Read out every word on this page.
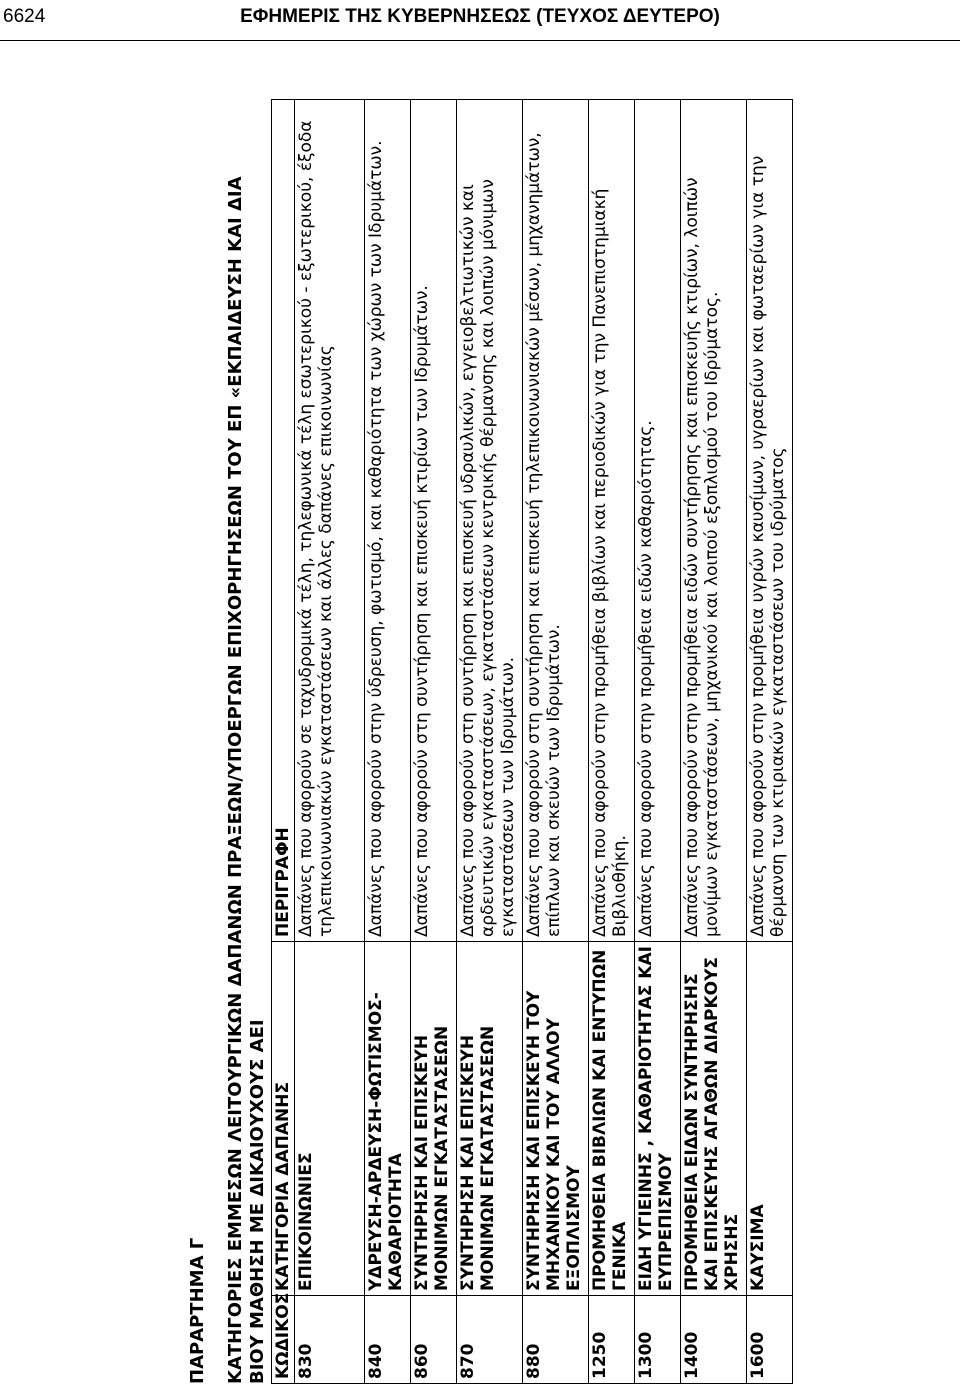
6624	ΕΦΗΜΕΡΙΣ ΤΗΣ ΚΥΒΕΡΝΗΣΕΩΣ (ΤΕΥΧΟΣ ΔΕΥΤΕΡΟ)
ΠΑΡΑΡΤΗΜΑ Γ ΚΑΤΗΓΟΡΙΕΣ ΕΜΜΕΣΩΝ ΛΕΙΤΟΥΡΓΙΚΩΝ ΔΑΠΑΝΩΝ ΠΡΑΞΕΩΝ/ΥΠΟΕΡΓΩΝ ΕΠΙΧΟΡΗΓΗΣΕΩΝ ΤΟΥ ΕΠ «ΕΚΠΑΙΔΕΥΣΗ ΚΑΙ ΔΙΑ ΒΙΟΥ ΜΑΘΗΣΗ ΜΕ ΔΙΚΑΙΟΥΧΟΥΣ ΑΕΙ ΚΩΔΙΚΟΣ	ΚΑΤΗΓΟΡΙΑ ΔΑΠΑΝΗΣ	ΠΕΡΙΓΡΑΦΗ
830	ΕΠΙΚΟΙΝΩΝΙΕΣ	Δαπάνες που αφορούν σε ταχυδρομικά τέλη, τηλεφωνικά τέλη εσωτερικού - εξωτερικού, έξοδα τηλεπικοινωνιακών εγκαταστάσεων και άλλες δαπάνες επικοινωνίας
840	ΥΔΡΕΥΣΗ-ΑΡΔΕΥΣΗ-ΦΩΤΙΣΜΟΣ-ΚΑΘΑΡΙΟΤΗΤΑ	Δαπάνες που αφορούν στην ύδρευση, φωτισμό, και καθαριότητα των χώρων των Ιδρυμάτων.
860	ΣΥΝΤΗΡΗΣΗ ΚΑΙ ΕΠΙΣΚΕΥΗ ΜΟΝΙΜΩΝ ΕΓΚΑΤΑΣΤΑΣΕΩΝ	Δαπάνες που αφορούν στη συντήρηση και επισκευή κτιρίων των Ιδρυμάτων.
870	ΣΥΝΤΗΡΗΣΗ ΚΑΙ ΕΠΙΣΚΕΥΗ ΜΟΝΙΜΩΝ ΕΓΚΑΤΑΣΤΑΣΕΩΝ	Δαπάνες που αφορούν στη συντήρηση και επισκευή υδραυλικών, εγγειοβελτιωτικών και αρδευτικών εγκαταστάσεων, εγκαταστάσεων κεντρικής θέρμανσης και λοιπών μόνιμων εγκαταστάσεων των Ιδρυμάτων.
880	ΣΥΝΤΗΡΗΣΗ ΚΑΙ ΕΠΙΣΚΕΥΗ ΤΟΥ ΜΗΧΑΝΙΚΟΥ ΚΑΙ ΤΟΥ ΑΛΛΟΥ ΕΞΟΠΛΙΣΜΟΥ	Δαπάνες που αφορούν στη συντήρηση και επισκευή τηλεπικοινωνιακών μέσων, μηχανημάτων, επίπλων και σκευών των Ιδρυμάτων.
1250	ΠΡΟΜΗΘΕΙΑ ΒΙΒΛΙΩΝ ΚΑΙ ΕΝΤΥΠΩΝ ΓΕΝΙΚΑ	Δαπάνες που αφορούν στην προμήθεια βιβλίων και περιοδικών για την Πανεπιστημιακή Βιβλιοθήκη.
1300	ΕΙΔΗ ΥΓΙΕΙΝΗΣ , ΚΑΘΑΡΙΟΤΗΤΑΣ ΚΑΙ ΕΥΠΡΕΠΙΣΜΟΥ	Δαπάνες που αφορούν στην προμήθεια ειδών καθαριότητας.
1400	ΠΡΟΜΗΘΕΙΑ ΕΙΔΩΝ ΣΥΝΤΗΡΗΣΗΣ ΚΑΙ ΕΠΙΣΚΕΥΗΣ ΑΓΑΘΩΝ ΔΙΑΡΚΟΥΣ ΧΡΗΣΗΣ	Δαπάνες που αφορούν στην προμήθεια ειδών συντήρησης και επισκευής κτιρίων, λοιπών μονίμων εγκαταστάσεων, μηχανικού και λοιπού εξοπλισμού του Ιδρύματος.
1600	ΚΑΥΣΙΜΑ	Δαπάνες που αφορούν στην προμήθεια υγρών καυσίμων, υγραερίων και φωταερίων για την θέρμανση των κτιριακών εγκαταστάσεων του ιδρύματος
